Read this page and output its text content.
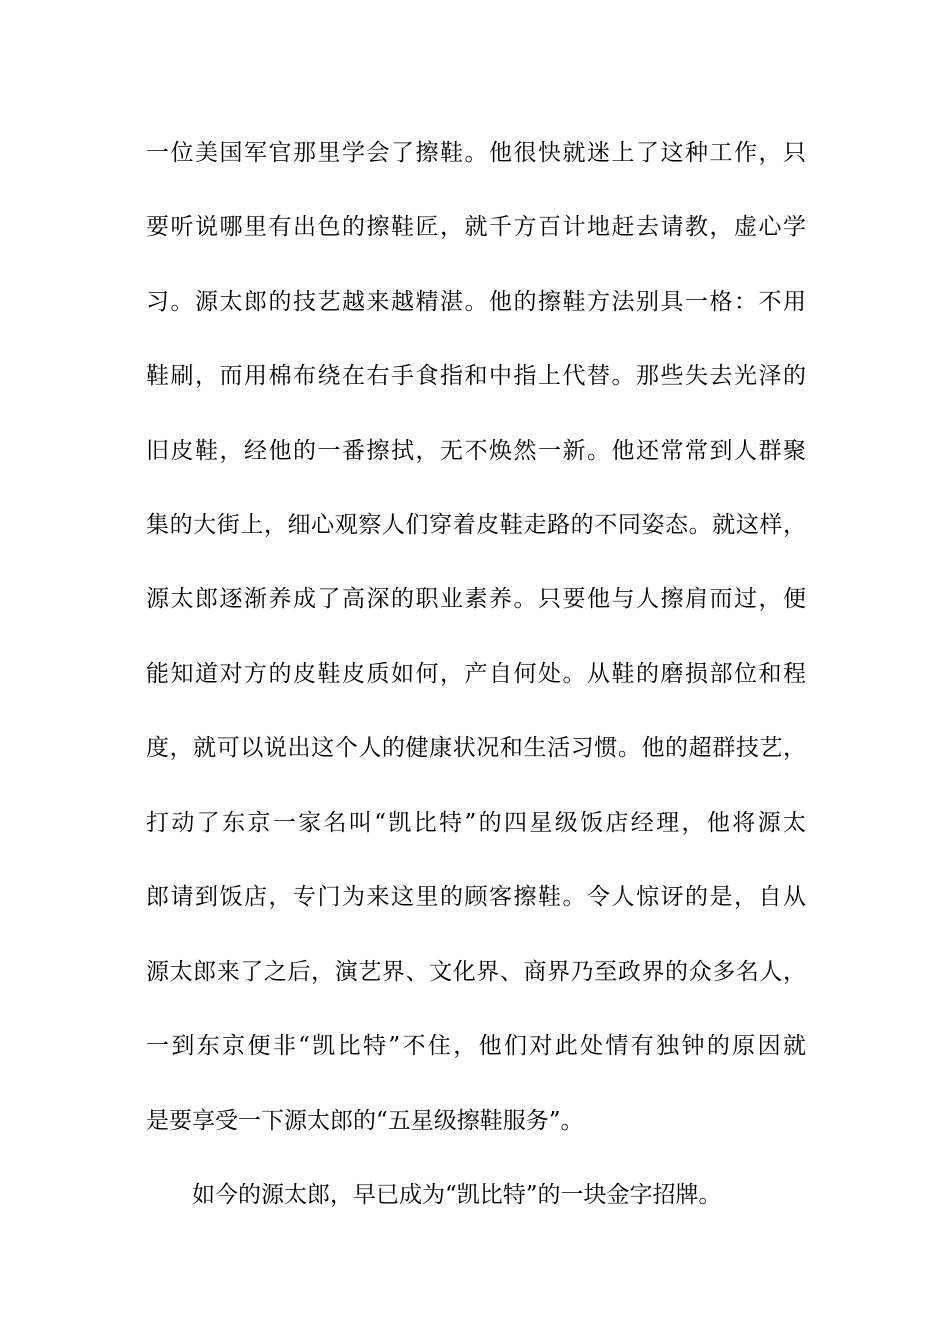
一位美国军官那里学会了擦鞋。他很快就迷上了这种工作，只
要听说哪里有出色的擦鞋匠，就千方百计地赶去请教，虚心学
习。源太郎的技艺越来越精湛。他的擦鞋方法别具一格：不用
鞋刷，而用棉布绕在右手食指和中指上代替。那些失去光泽的
旧皮鞋，经他的一番擦拭，无不焕然一新。他还常常到人群聚
集的大街上，细心观察人们穿着皮鞋走路的不同姿态。就这样，
源太郎逐渐养成了高深的职业素养。只要他与人擦肩而过，便
能知道对方的皮鞋皮质如何，产自何处。从鞋的磨损部位和程
度，就可以说出这个人的健康状况和生活习惯。他的超群技艺，
打动了东京一家名叫“凯比特”的四星级饭店经理，他将源太
郎请到饭店，专门为来这里的顾客擦鞋。令人惊讶的是，自从
源太郎来了之后，演艺界、文化界、商界乃至政界的众多名人，
一到东京便非“凯比特”不住，他们对此处情有独钟的原因就
是要享受一下源太郎的“五星级擦鞋服务”。
如今的源太郎，早已成为“凯比特”的一块金字招牌。
